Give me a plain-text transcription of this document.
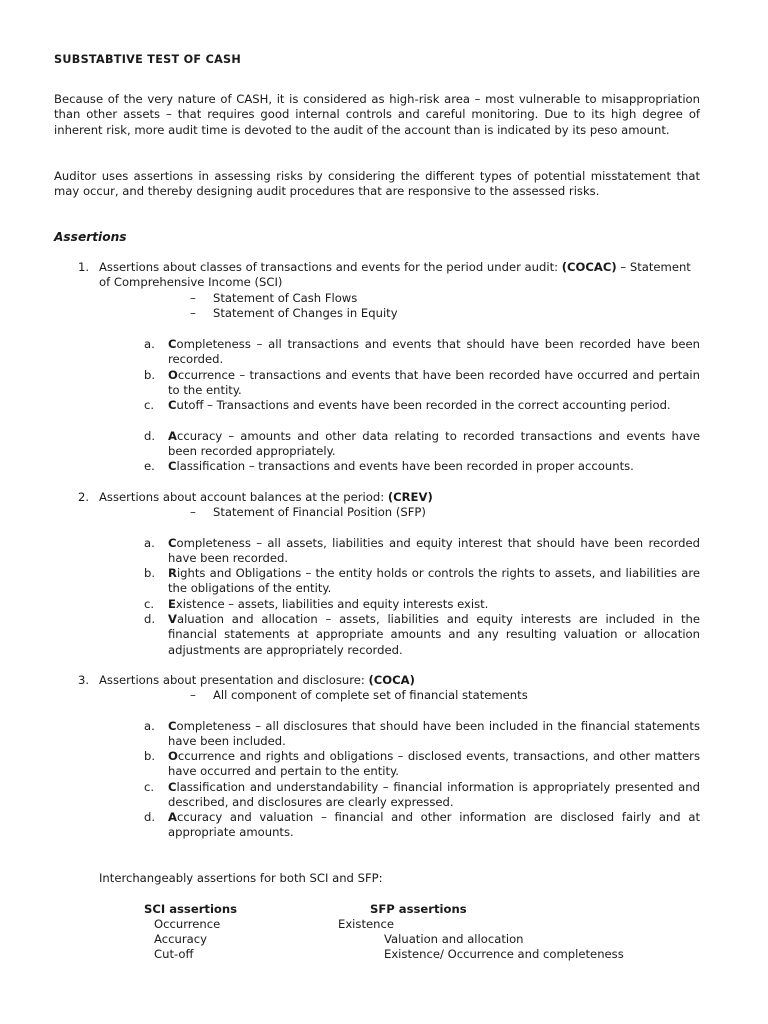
SUBSTABTIVE TEST OF CASH

Because of the very nature of CASH, it is considered as high-risk area – most vulnerable to misappropriation than other assets – that requires good internal controls and careful monitoring. Due to its high degree of inherent risk, more audit time is devoted to the audit of the account than is indicated by its peso amount.

Auditor uses assertions in assessing risks by considering the different types of potential misstatement that may occur, and thereby designing audit procedures that are responsive to the assessed risks.

Assertions
1. Assertions about classes of transactions and events for the period under audit: (COCAC) – Statement of Comprehensive Income (SCI)

– Statement of Cash Flows
– Statement of Changes in Equity
a. Completeness – all transactions and events that should have been recorded have been recorded.

b. Occurrence – transactions and events that have been recorded have occurred and pertain to the entity.

c. Cutoff – Transactions and events have been recorded in the correct accounting period.

d. Accuracy – amounts and other data relating to recorded transactions and events have been recorded appropriately.

e. Classification – transactions and events have been recorded in proper accounts.

2. Assertions about account balances at the period: (CREV)

– Statement of Financial Position (SFP)
a. Completeness – all assets, liabilities and equity interest that should have been recorded have been recorded.

b. Rights and Obligations – the entity holds or controls the rights to assets, and liabilities are the obligations of the entity.

c. Existence – assets, liabilities and equity interests exist.

d. Valuation and allocation – assets, liabilities and equity interests are included in the financial statements at appropriate amounts and any resulting valuation or allocation adjustments are appropriately recorded.

3. Assertions about presentation and disclosure: (COCA)

– All component of complete set of financial statements
a. Completeness – all disclosures that should have been included in the financial statements have been included.

b. Occurrence and rights and obligations – disclosed events, transactions, and other matters have occurred and pertain to the entity.

c. Classification and understandability – financial information is appropriately presented and described, and disclosures are clearly expressed.

d. Accuracy and valuation – financial and other information are disclosed fairly and at appropriate amounts.

Interchangeably assertions for both SCI and SFP:
SCI assertions	SFP assertions
Occurrence	Existence
Accuracy	Valuation and allocation
Cut-off	Existence/ Occurrence and completeness
